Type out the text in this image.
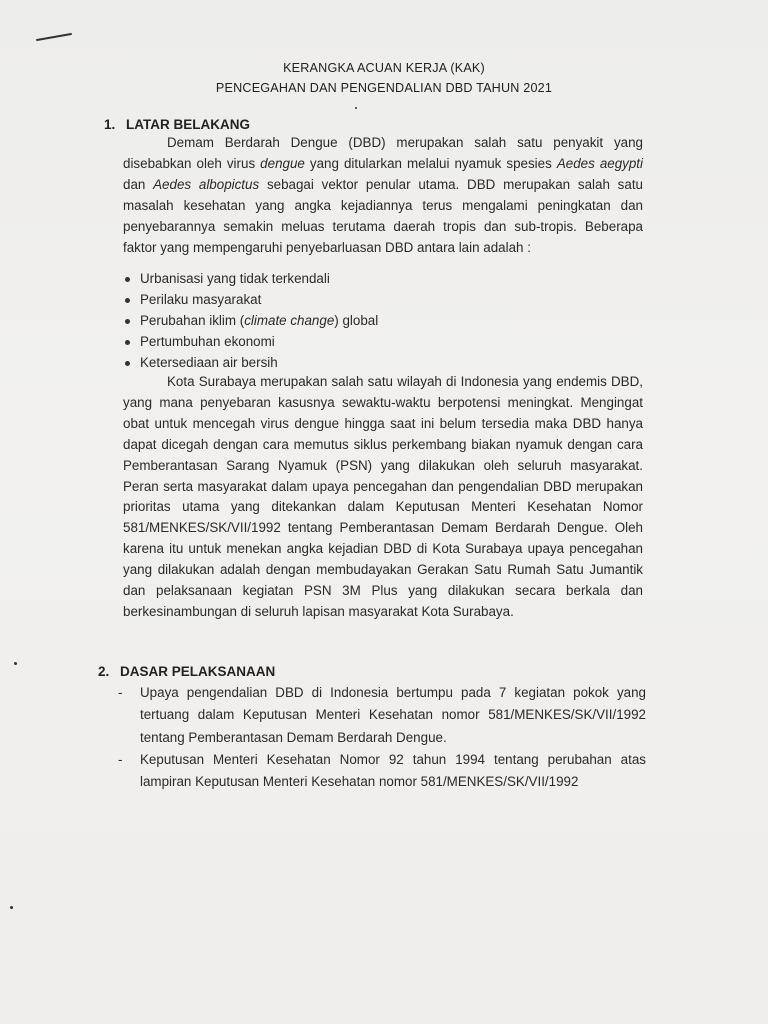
KERANGKA ACUAN KERJA (KAK)
PENCEGAHAN DAN PENGENDALIAN DBD TAHUN 2021
1. LATAR BELAKANG
Demam Berdarah Dengue (DBD) merupakan salah satu penyakit yang disebabkan oleh virus dengue yang ditularkan melalui nyamuk spesies Aedes aegypti dan Aedes albopictus sebagai vektor penular utama. DBD merupakan salah satu masalah kesehatan yang angka kejadiannya terus mengalami peningkatan dan penyebarannya semakin meluas terutama daerah tropis dan sub-tropis. Beberapa faktor yang mempengaruhi penyebarluasan DBD antara lain adalah :
Urbanisasi yang tidak terkendali
Perilaku masyarakat
Perubahan iklim (climate change) global
Pertumbuhan ekonomi
Ketersediaan air bersih
Kota Surabaya merupakan salah satu wilayah di Indonesia yang endemis DBD, yang mana penyebaran kasusnya sewaktu-waktu berpotensi meningkat. Mengingat obat untuk mencegah virus dengue hingga saat ini belum tersedia maka DBD hanya dapat dicegah dengan cara memutus siklus perkembang biakan nyamuk dengan cara Pemberantasan Sarang Nyamuk (PSN) yang dilakukan oleh seluruh masyarakat. Peran serta masyarakat dalam upaya pencegahan dan pengendalian DBD merupakan prioritas utama yang ditekankan dalam Keputusan Menteri Kesehatan Nomor 581/MENKES/SK/VII/1992 tentang Pemberantasan Demam Berdarah Dengue. Oleh karena itu untuk menekan angka kejadian DBD di Kota Surabaya upaya pencegahan yang dilakukan adalah dengan membudayakan Gerakan Satu Rumah Satu Jumantik dan pelaksanaan kegiatan PSN 3M Plus yang dilakukan secara berkala dan berkesinambungan di seluruh lapisan masyarakat Kota Surabaya.
2. DASAR PELAKSANAAN
- Upaya pengendalian DBD di Indonesia bertumpu pada 7 kegiatan pokok yang tertuang dalam Keputusan Menteri Kesehatan nomor 581/MENKES/SK/VII/1992 tentang Pemberantasan Demam Berdarah Dengue.
- Keputusan Menteri Kesehatan Nomor 92 tahun 1994 tentang perubahan atas lampiran Keputusan Menteri Kesehatan nomor 581/MENKES/SK/VII/1992
